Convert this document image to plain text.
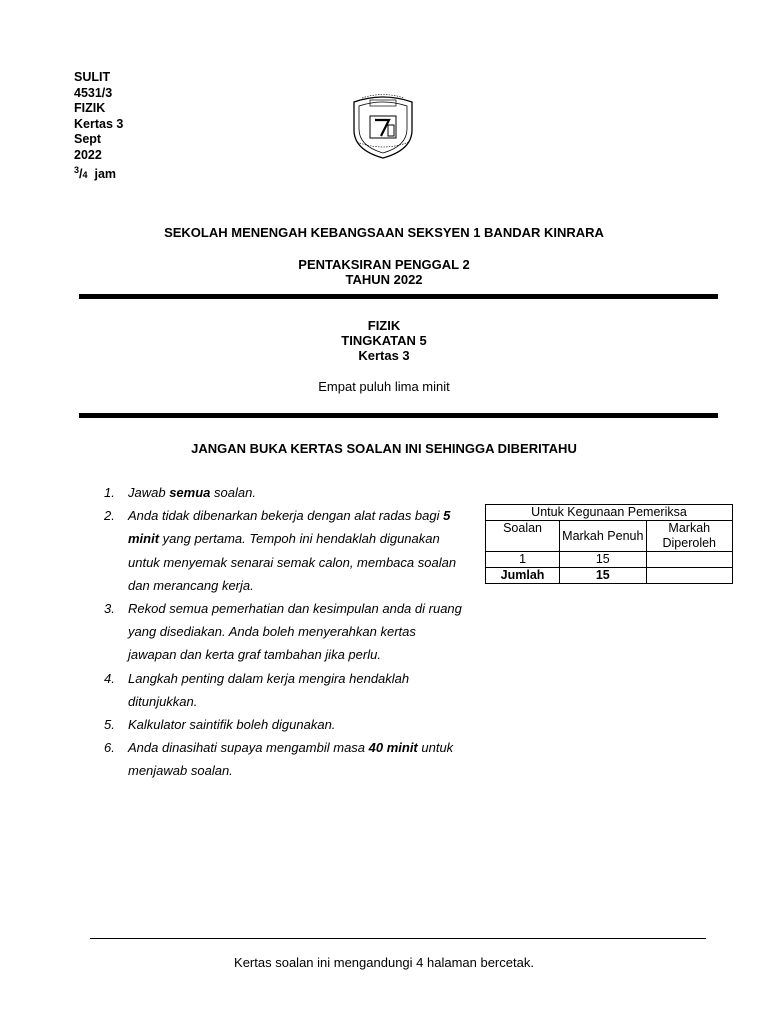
SULIT
4531/3
FIZIK
Kertas 3
Sept
2022
$^3$/4 jam
SEKOLAH MENENGAH KEBANGSAAN SEKSYEN 1 BANDAR KINRARA
PENTAKSIRAN PENGGAL 2
TAHUN 2022
FIZIK
TINGKATAN 5
Kertas 3
Empat puluh lima minit
JANGAN BUKA KERTAS SOALAN INI SEHINGGA DIBERITAHU
1. Jawab semua soalan.
2. Anda tidak dibenarkan bekerja dengan alat radas bagi 5 minit yang pertama. Tempoh ini hendaklah digunakan untuk menyemak senarai semak calon, membaca soalan dan merancang kerja.
3. Rekod semua pemerhatian dan kesimpulan anda di ruang yang disediakan. Anda boleh menyerahkan kertas jawapan dan kerta graf tambahan jika perlu.
4. Langkah penting dalam kerja mengira hendaklah ditunjukkan.
5. Kalkulator saintifik boleh digunakan.
6. Anda dinasihati supaya mengambil masa 40 minit untuk menjawab soalan.
Untuk Kegunaan Pemeriksa		
Soalan	Markah Penuh	Markah Diperoleh
1	15	
Jumlah	15	
Kertas soalan ini mengandungi 4 halaman bercetak.
